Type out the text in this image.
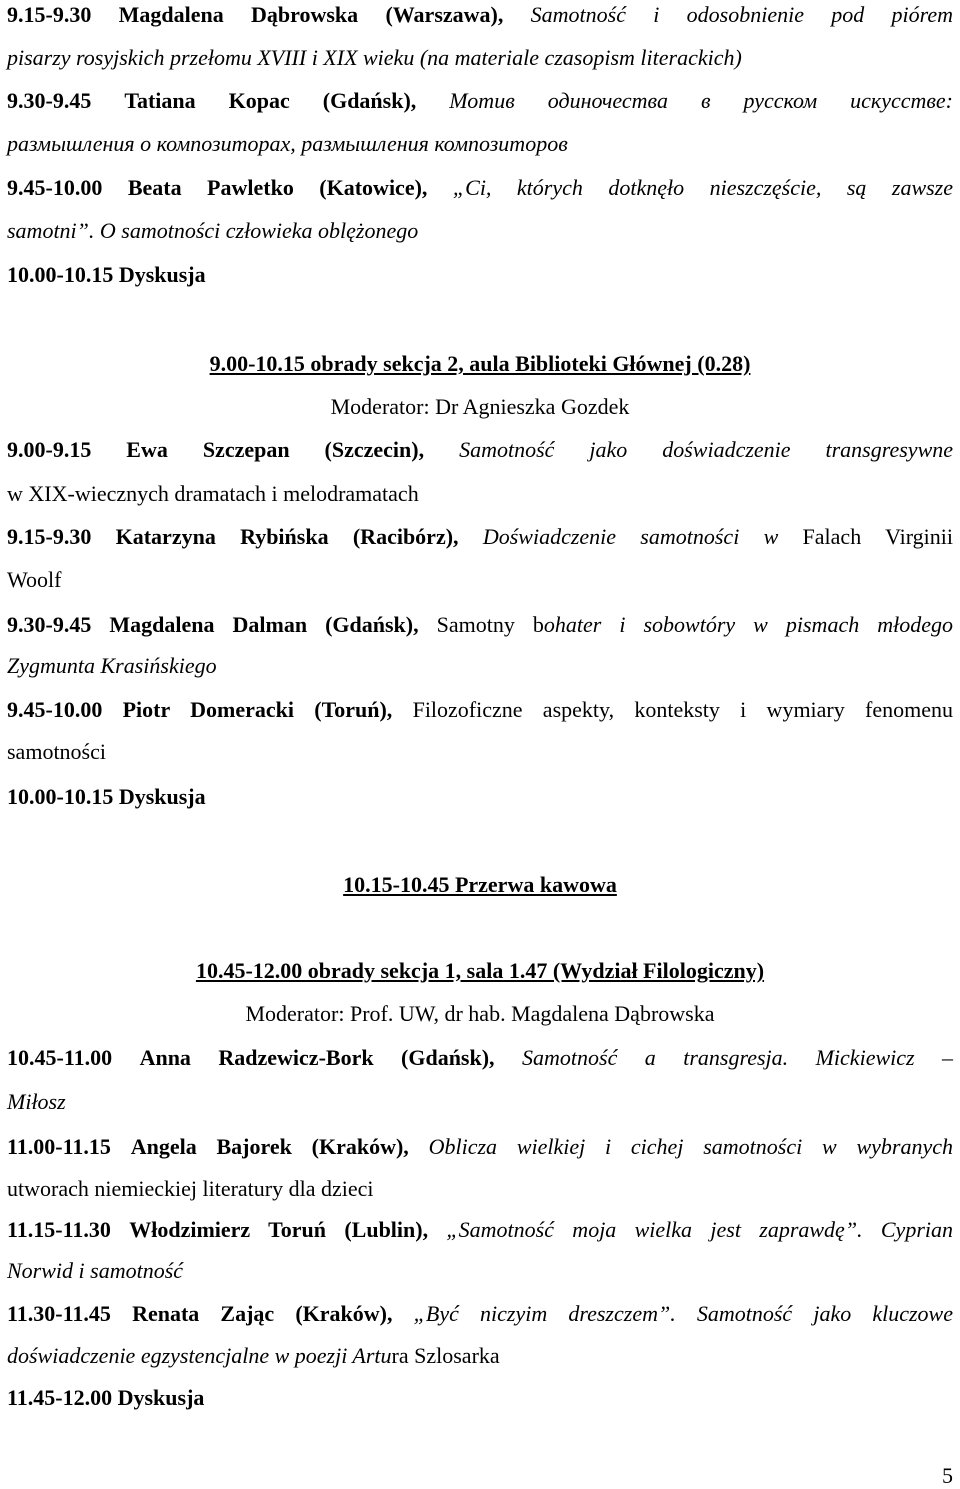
9.15-9.30 Magdalena Dąbrowska (Warszawa), Samotność i odosobnienie pod piórem
pisarzy rosyjskich przełomu XVIII i XIX wieku (na materiale czasopism literackich)
9.30-9.45 Tatiana Kopac (Gdańsk), Мотив одиночества в русском искусстве:
размышления о композиторах, размышления композиторов
9.45-10.00 Beata Pawletko (Katowice), „Ci, których dotknęło nieszczęście, są zawsze
samotni”. O samotności człowieka oblężonego
10.00-10.15 Dyskusja
9.00-10.15 obrady sekcja 2, aula Biblioteki Głównej (0.28)
Moderator: Dr Agnieszka Gozdek
9.00-9.15 Ewa Szczepan (Szczecin), Samotność jako doświadczenie transgresywne
w XIX-wiecznych dramatach i melodramatach
9.15-9.30 Katarzyna Rybińska (Racibórz), Doświadczenie samotności w Falach Virginii
Woolf
9.30-9.45 Magdalena Dalman (Gdańsk), Samotny bohater i sobowtóry w pismach młodego
Zygmunta Krasińskiego
9.45-10.00 Piotr Domeracki (Toruń), Filozoficzne aspekty, konteksty i wymiary fenomenu
samotności
10.00-10.15 Dyskusja
10.15-10.45 Przerwa kawowa
10.45-12.00 obrady sekcja 1, sala 1.47 (Wydział Filologiczny)
Moderator: Prof. UW, dr hab. Magdalena Dąbrowska
10.45-11.00 Anna Radzewicz-Bork (Gdańsk), Samotność a transgresja. Mickiewicz –
Miłosz
11.00-11.15 Angela Bajorek (Kraków), Oblicza wielkiej i cichej samotności w wybranych
utworach niemieckiej literatury dla dzieci
11.15-11.30 Włodzimierz Toruń (Lublin), „Samotność moja wielka jest zaprawdę”. Cyprian
Norwid i samotność
11.30-11.45 Renata Zając (Kraków), „Być niczyim dreszczem”. Samotność jako kluczowe
doświadczenie egzystencjalne w poezji Artura Szlosarka
11.45-12.00 Dyskusja
5
